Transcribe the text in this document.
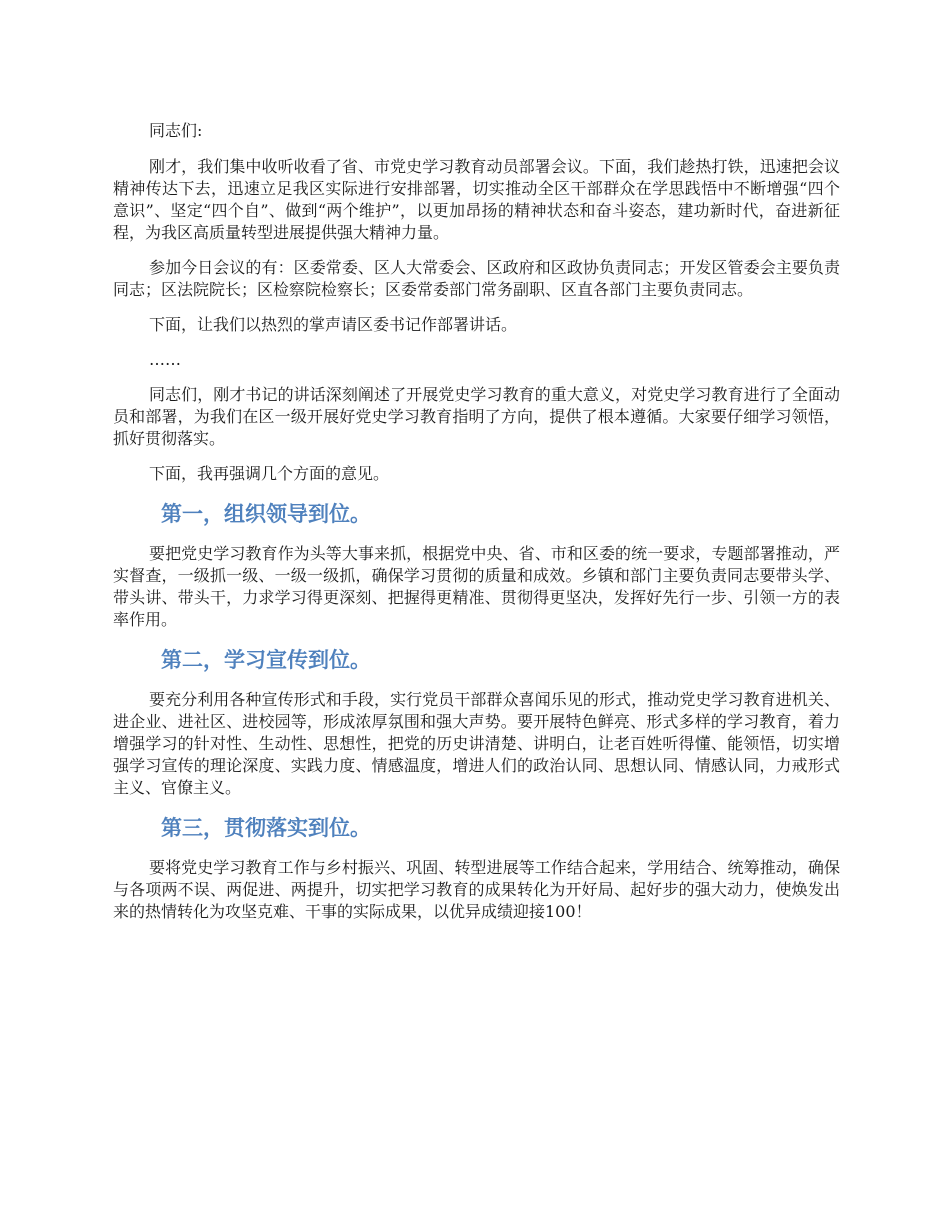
同志们:

刚才，我们集中收听收看了省、市党史学习教育动员部署会议。下面，我们趁热打铁，迅速把会议精神传达下去，迅速立足我区实际进行安排部署，切实推动全区干部群众在学思践悟中不断增强“四个意识”、坚定“四个自”、做到“两个维护”，以更加昂扬的精神状态和奋斗姿态，建功新时代，奋进新征程，为我区高质量转型进展提供强大精神力量。

参加今日会议的有：区委常委、区人大常委会、区政府和区政协负责同志；开发区管委会主要负责同志；区法院院长；区检察院检察长；区委常委部门常务副职、区直各部门主要负责同志。

下面，让我们以热烈的掌声请区委书记作部署讲话。

……

同志们，刚才书记的讲话深刻阐述了开展党史学习教育的重大意义，对党史学习教育进行了全面动员和部署，为我们在区一级开展好党史学习教育指明了方向，提供了根本遵循。大家要仔细学习领悟，抓好贯彻落实。

下面，我再强调几个方面的意见。

第一，组织领导到位。

要把党史学习教育作为头等大事来抓，根据党中央、省、市和区委的统一要求，专题部署推动，严实督查，一级抓一级、一级一级抓，确保学习贯彻的质量和成效。乡镇和部门主要负责同志要带头学、带头讲、带头干，力求学习得更深刻、把握得更精准、贯彻得更坚决，发挥好先行一步、引领一方的表率作用。

第二，学习宣传到位。

要充分利用各种宣传形式和手段，实行党员干部群众喜闻乐见的形式，推动党史学习教育进机关、进企业、进社区、进校园等，形成浓厚氛围和强大声势。要开展特色鲜亮、形式多样的学习教育，着力增强学习的针对性、生动性、思想性，把党的历史讲清楚、讲明白，让老百姓听得懂、能领悟，切实增强学习宣传的理论深度、实践力度、情感温度，增进人们的政治认同、思想认同、情感认同，力戒形式主义、官僚主义。

第三，贯彻落实到位。

要将党史学习教育工作与乡村振兴、巩固、转型进展等工作结合起来，学用结合、统筹推动，确保与各项两不误、两促进、两提升，切实把学习教育的成果转化为开好局、起好步的强大动力，使焕发出来的热情转化为攻坚克难、干事的实际成果，以优异成绩迎接100！
